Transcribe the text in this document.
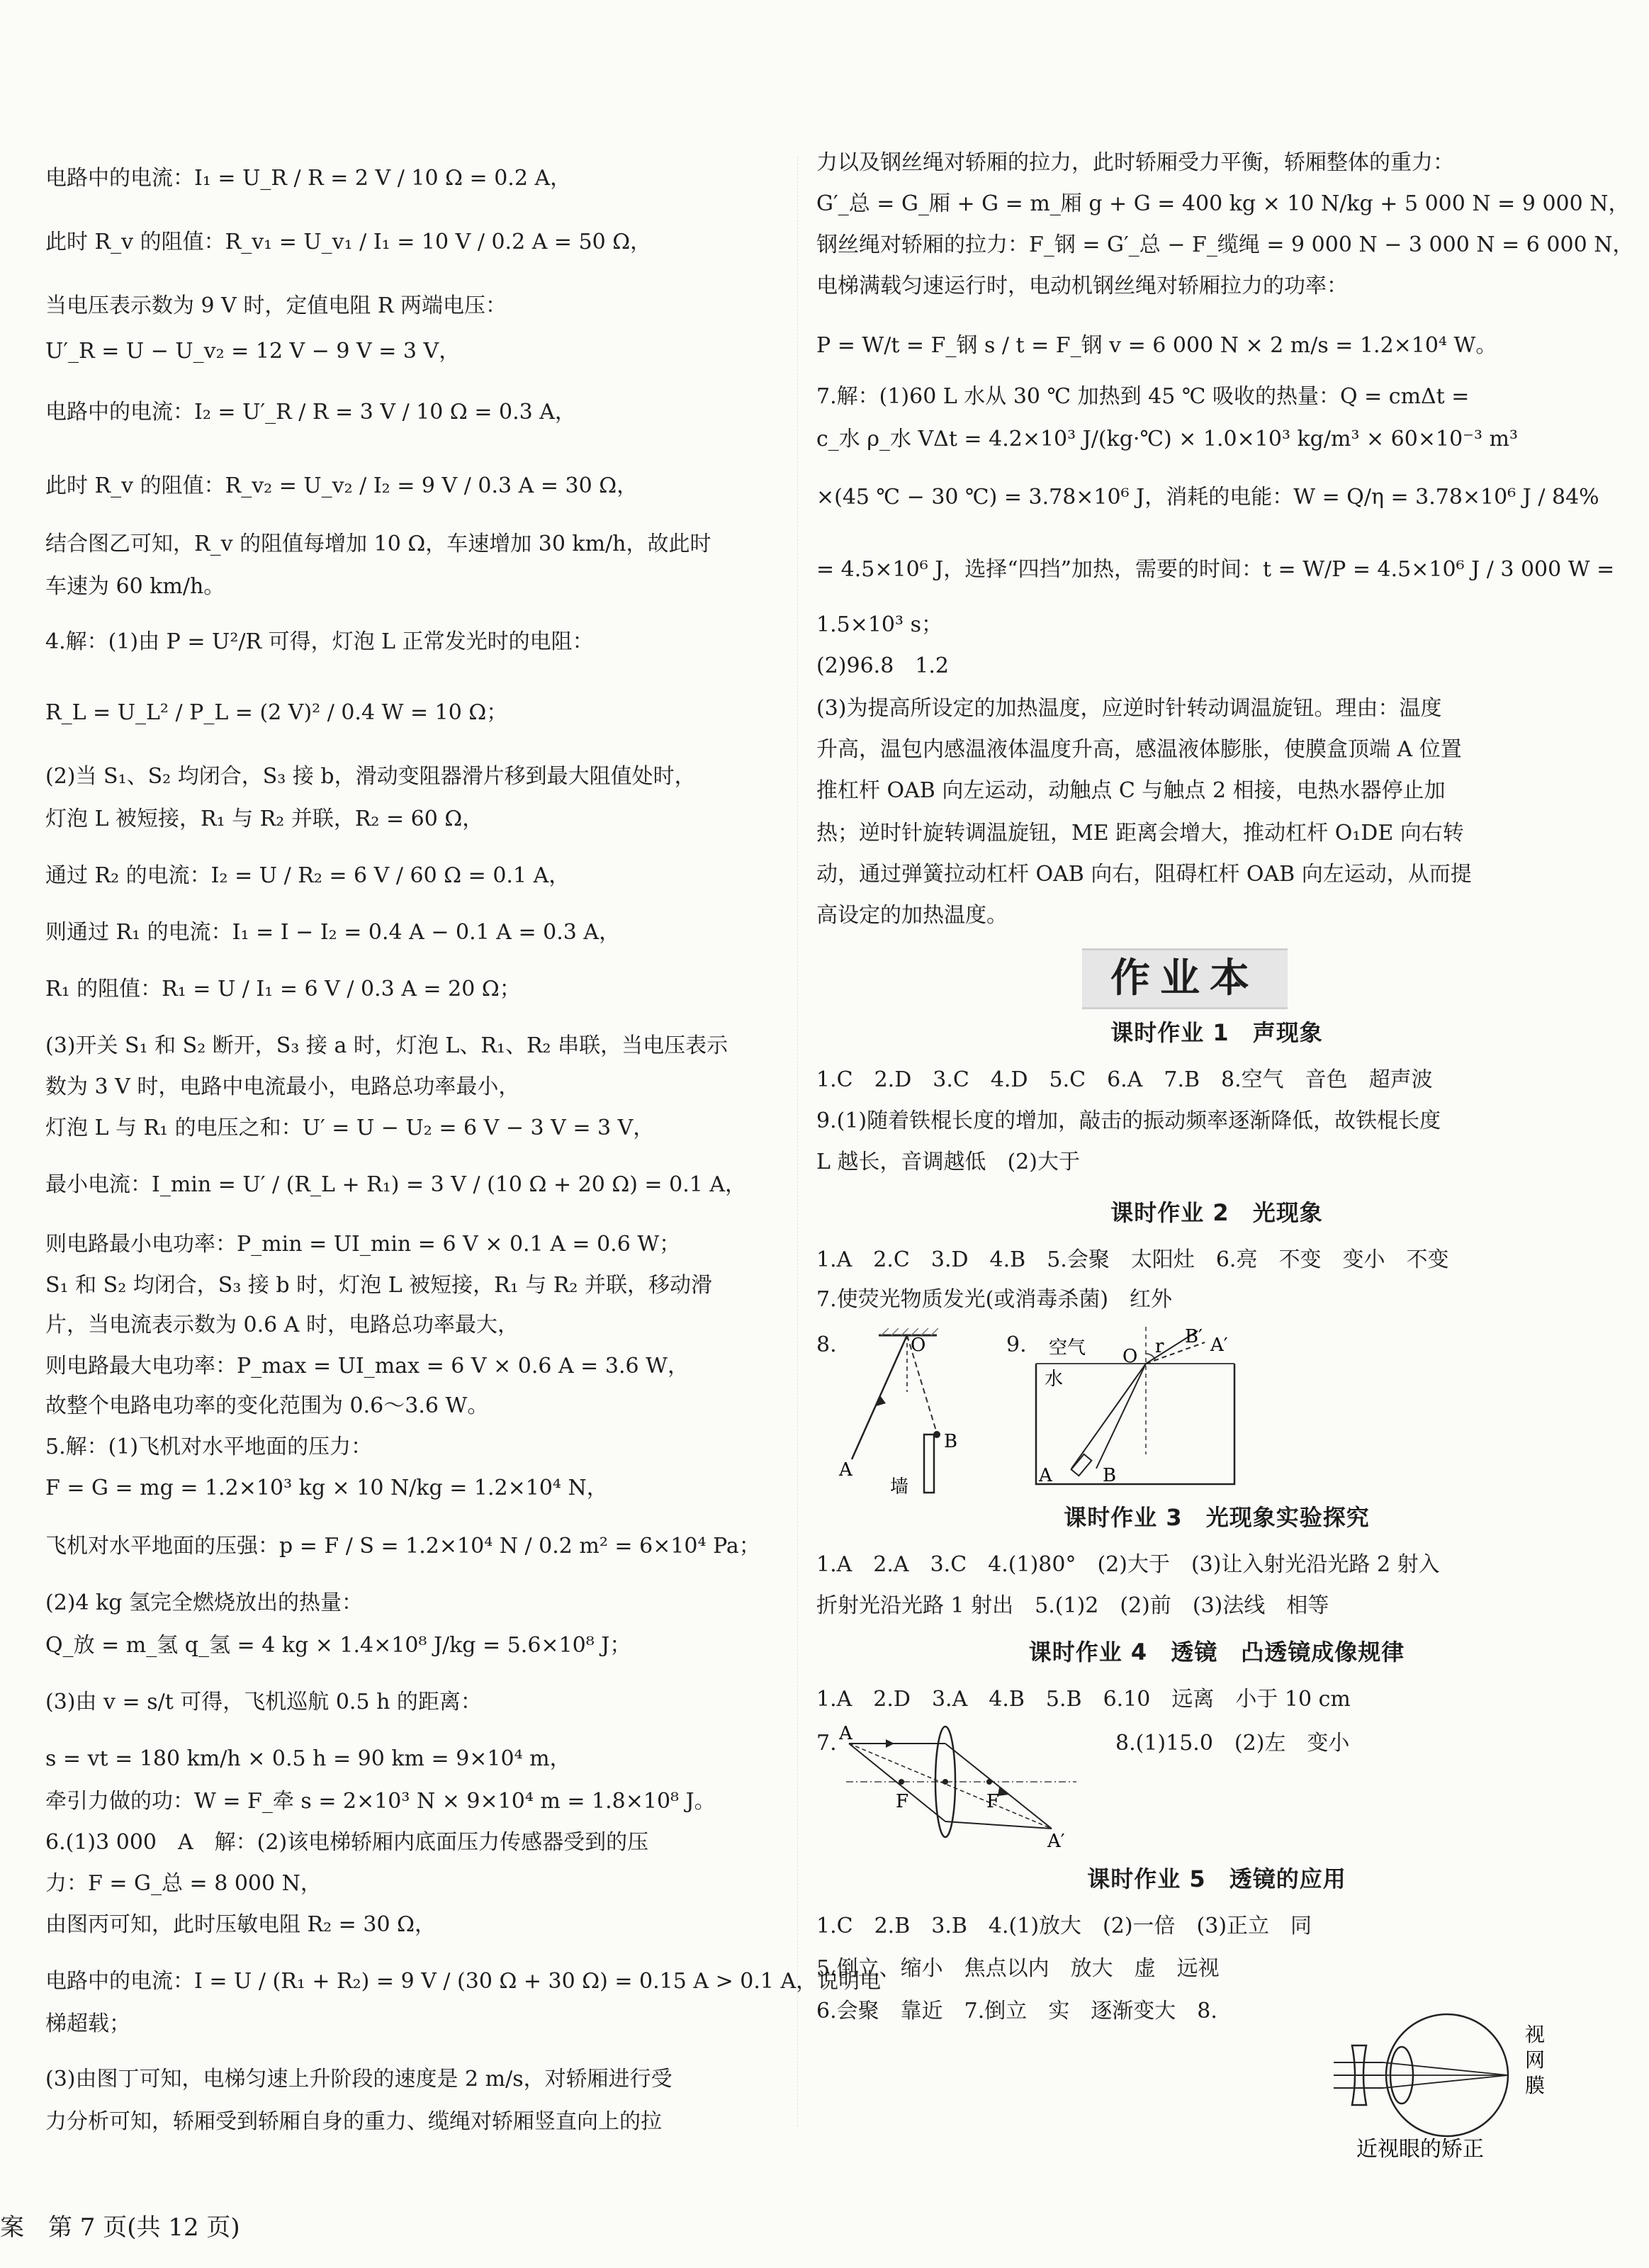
电路中的电流：I₁ = U_R / R = 2 V / 10 Ω = 0.2 A，
此时 R_v 的阻值：R_v₁ = U_v₁ / I₁ = 10 V / 0.2 A = 50 Ω，
当电压表示数为 9 V 时，定值电阻 R 两端电压：
U′_R = U − U_v₂ = 12 V − 9 V = 3 V，
电路中的电流：I₂ = U′_R / R = 3 V / 10 Ω = 0.3 A，
此时 R_v 的阻值：R_v₂ = U_v₂ / I₂ = 9 V / 0.3 A = 30 Ω，
结合图乙可知，R_v 的阻值每增加 10 Ω，车速增加 30 km/h，故此时
车速为 60 km/h。
4.解：(1)由 P = U²/R 可得，灯泡 L 正常发光时的电阻：
R_L = U_L² / P_L = (2 V)² / 0.4 W = 10 Ω；
(2)当 S₁、S₂ 均闭合，S₃ 接 b，滑动变阻器滑片移到最大阻值处时，
灯泡 L 被短接，R₁ 与 R₂ 并联，R₂ = 60 Ω，
通过 R₂ 的电流：I₂ = U / R₂ = 6 V / 60 Ω = 0.1 A，
则通过 R₁ 的电流：I₁ = I − I₂ = 0.4 A − 0.1 A = 0.3 A，
R₁ 的阻值：R₁ = U / I₁ = 6 V / 0.3 A = 20 Ω；
(3)开关 S₁ 和 S₂ 断开，S₃ 接 a 时，灯泡 L、R₁、R₂ 串联，当电压表示
数为 3 V 时，电路中电流最小，电路总功率最小，
灯泡 L 与 R₁ 的电压之和：U′ = U − U₂ = 6 V − 3 V = 3 V，
最小电流：I_min = U′ / (R_L + R₁) = 3 V / (10 Ω + 20 Ω) = 0.1 A，
则电路最小电功率：P_min = UI_min = 6 V × 0.1 A = 0.6 W；
S₁ 和 S₂ 均闭合，S₃ 接 b 时，灯泡 L 被短接，R₁ 与 R₂ 并联，移动滑
片，当电流表示数为 0.6 A 时，电路总功率最大，
则电路最大电功率：P_max = UI_max = 6 V × 0.6 A = 3.6 W，
故整个电路电功率的变化范围为 0.6～3.6 W。
5.解：(1)飞机对水平地面的压力：
F = G = mg = 1.2×10³ kg × 10 N/kg = 1.2×10⁴ N，
飞机对水平地面的压强：p = F / S = 1.2×10⁴ N / 0.2 m² = 6×10⁴ Pa；
(2)4 kg 氢完全燃烧放出的热量：
Q_放 = m_氢 q_氢 = 4 kg × 1.4×10⁸ J/kg = 5.6×10⁸ J；
(3)由 v = s/t 可得，飞机巡航 0.5 h 的距离：
s = vt = 180 km/h × 0.5 h = 90 km = 9×10⁴ m，
牵引力做的功：W = F_牵 s = 2×10³ N × 9×10⁴ m = 1.8×10⁸ J。
6.(1)3 000　A　解：(2)该电梯轿厢内底面压力传感器受到的压
力：F = G_总 = 8 000 N，
由图丙可知，此时压敏电阻 R₂ = 30 Ω，
电路中的电流：I = U / (R₁ + R₂) = 9 V / (30 Ω + 30 Ω) = 0.15 A > 0.1 A，说明电
梯超载；
(3)由图丁可知，电梯匀速上升阶段的速度是 2 m/s，对轿厢进行受
力分析可知，轿厢受到轿厢自身的重力、缆绳对轿厢竖直向上的拉
力以及钢丝绳对轿厢的拉力，此时轿厢受力平衡，轿厢整体的重力：
G′_总 = G_厢 + G = m_厢 g + G = 400 kg × 10 N/kg + 5 000 N = 9 000 N，
钢丝绳对轿厢的拉力：F_钢 = G′_总 − F_缆绳 = 9 000 N − 3 000 N = 6 000 N，
电梯满载匀速运行时，电动机钢丝绳对轿厢拉力的功率：
P = W/t = F_钢 s / t = F_钢 v = 6 000 N × 2 m/s = 1.2×10⁴ W。
7.解：(1)60 L 水从 30 ℃ 加热到 45 ℃ 吸收的热量：Q = cmΔt =
c_水 ρ_水 VΔt = 4.2×10³ J/(kg·℃) × 1.0×10³ kg/m³ × 60×10⁻³ m³
×(45 ℃ − 30 ℃) = 3.78×10⁶ J，消耗的电能：W = Q/η = 3.78×10⁶ J / 84%
= 4.5×10⁶ J，选择“四挡”加热，需要的时间：t = W/P = 4.5×10⁶ J / 3 000 W =
1.5×10³ s；
(2)96.8　1.2
(3)为提高所设定的加热温度，应逆时针转动调温旋钮。理由：温度
升高，温包内感温液体温度升高，感温液体膨胀，使膜盒顶端 A 位置
推杠杆 OAB 向左运动，动触点 C 与触点 2 相接，电热水器停止加
热；逆时针旋转调温旋钮，ME 距离会增大，推动杠杆 O₁DE 向右转
动，通过弹簧拉动杠杆 OAB 向右，阻碍杠杆 OAB 向左运动，从而提
高设定的加热温度。
作业本
课时作业 1　声现象
1.C　2.D　3.C　4.D　5.C　6.A　7.B　8.空气　音色　超声波
9.(1)随着铁棍长度的增加，敲击的振动频率逐渐降低，故铁棍长度
L 越长，音调越低　(2)大于
课时作业 2　光现象
1.A　2.C　3.D　4.B　5.会聚　太阳灶　6.亮　不变　变小　不变
7.使荧光物质发光(或消毒杀菌)　红外
8.	9.
O
A
B
墙
空气
水
O r B′ A′
A	B
课时作业 3　光现象实验探究
1.A　2.A　3.C　4.(1)80°　(2)大于　(3)让入射光沿光路 2 射入
折射光沿光路 1 射出　5.(1)2　(2)前　(3)法线　相等
课时作业 4　透镜　凸透镜成像规律
1.A　2.D　3.A　4.B　5.B　6.10　远离　小于 10 cm
7.	8.(1)15.0　(2)左　变小
A
F	F
A′
课时作业 5　透镜的应用
1.C　2.B　3.B　4.(1)放大　(2)一倍　(3)正立　同
5.倒立、缩小　焦点以内　放大　虚　远视
6.会聚　靠近　7.倒立　实　逐渐变大　8.
视
网
膜
近视眼的矫正
案　第 7 页(共 12 页)
